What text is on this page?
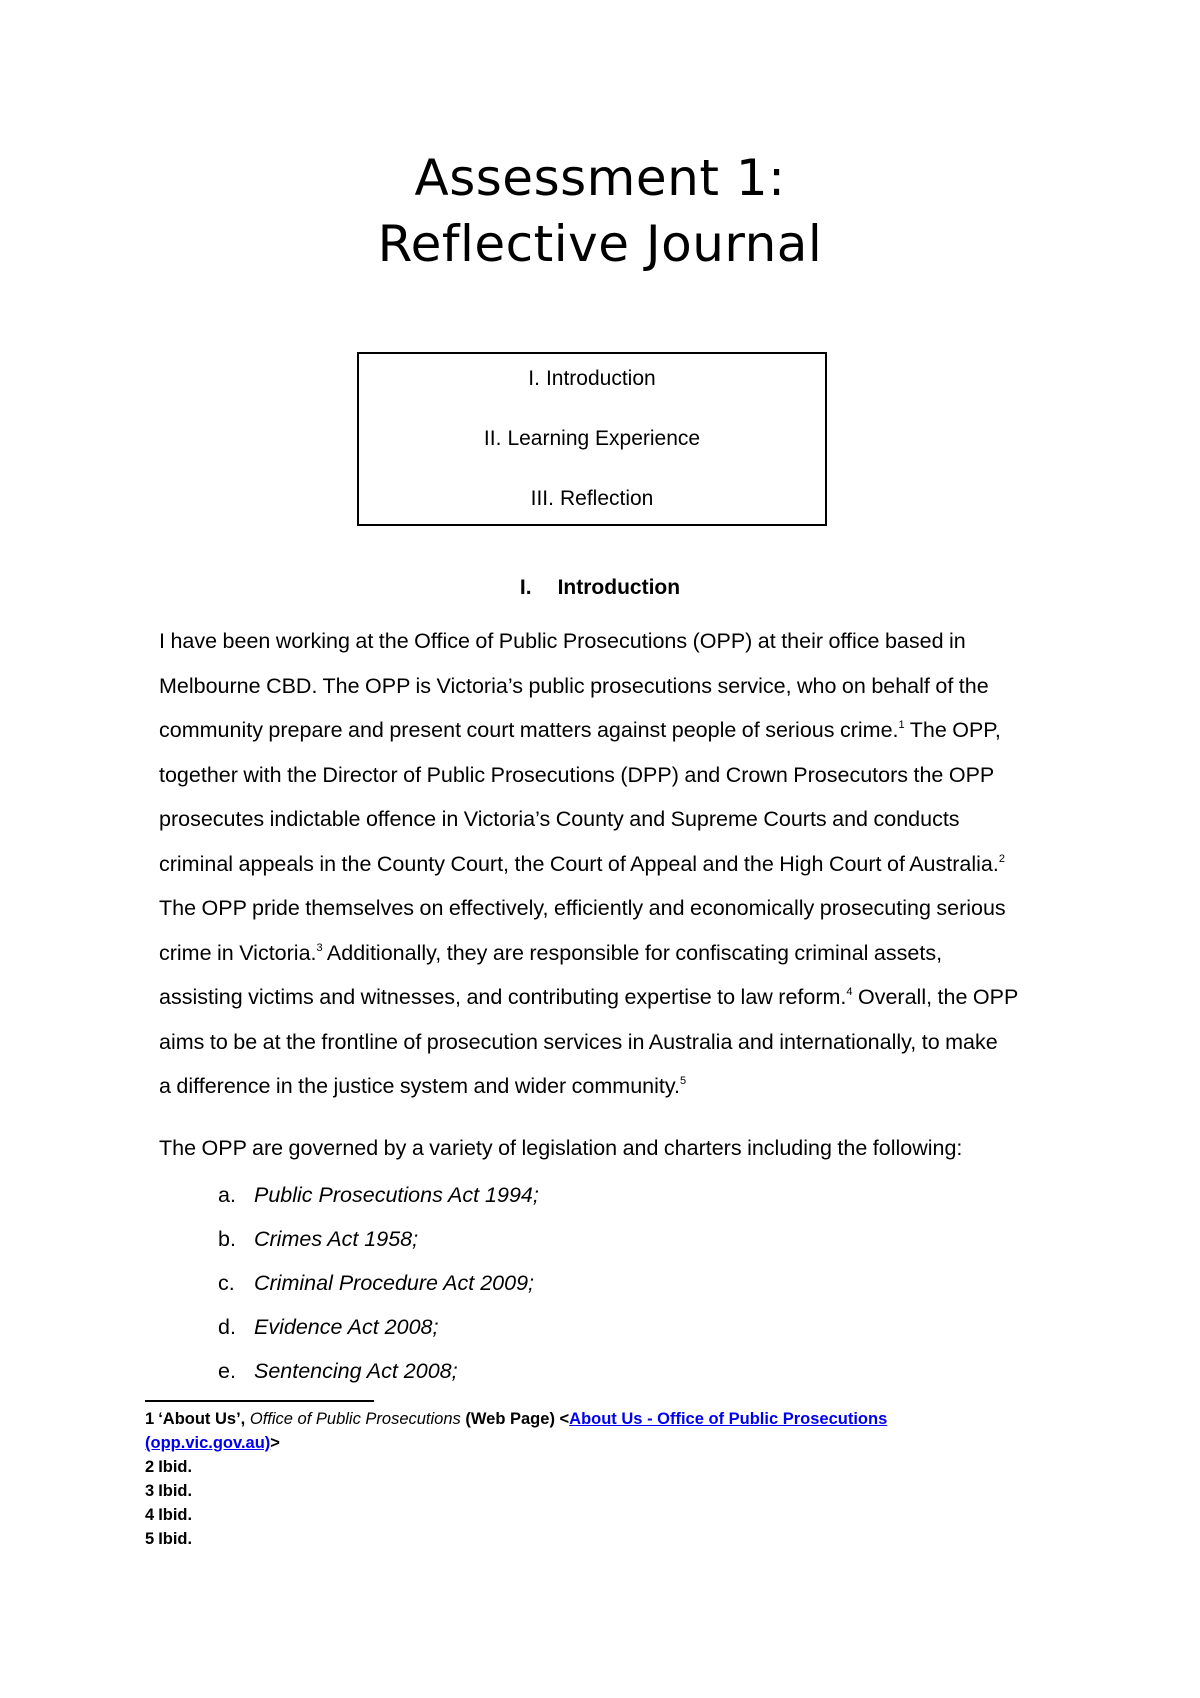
Assessment 1:
Reflective Journal
I. Introduction
II. Learning Experience
III. Reflection
I. Introduction
I have been working at the Office of Public Prosecutions (OPP) at their office based in
Melbourne CBD. The OPP is Victoria’s public prosecutions service, who on behalf of the
community prepare and present court matters against people of serious crime.$^1$ The OPP,
together with the Director of Public Prosecutions (DPP) and Crown Prosecutors the OPP
prosecutes indictable offence in Victoria’s County and Supreme Courts and conducts
criminal appeals in the County Court, the Court of Appeal and the High Court of Australia.$^2$
The OPP pride themselves on effectively, efficiently and economically prosecuting serious
crime in Victoria.$^3$ Additionally, they are responsible for confiscating criminal assets,
assisting victims and witnesses, and contributing expertise to law reform.$^4$ Overall, the OPP
aims to be at the frontline of prosecution services in Australia and internationally, to make
a difference in the justice system and wider community.$^5$
The OPP are governed by a variety of legislation and charters including the following:
a. Public Prosecutions Act 1994;
b. Crimes Act 1958;
c. Criminal Procedure Act 2009;
d. Evidence Act 2008;
e. Sentencing Act 2008;
1 ‘About Us’, Office of Public Prosecutions (Web Page) <About Us - Office of Public Prosecutions
(opp.vic.gov.au)>
2 Ibid.
3 Ibid.
4 Ibid.
5 Ibid.
